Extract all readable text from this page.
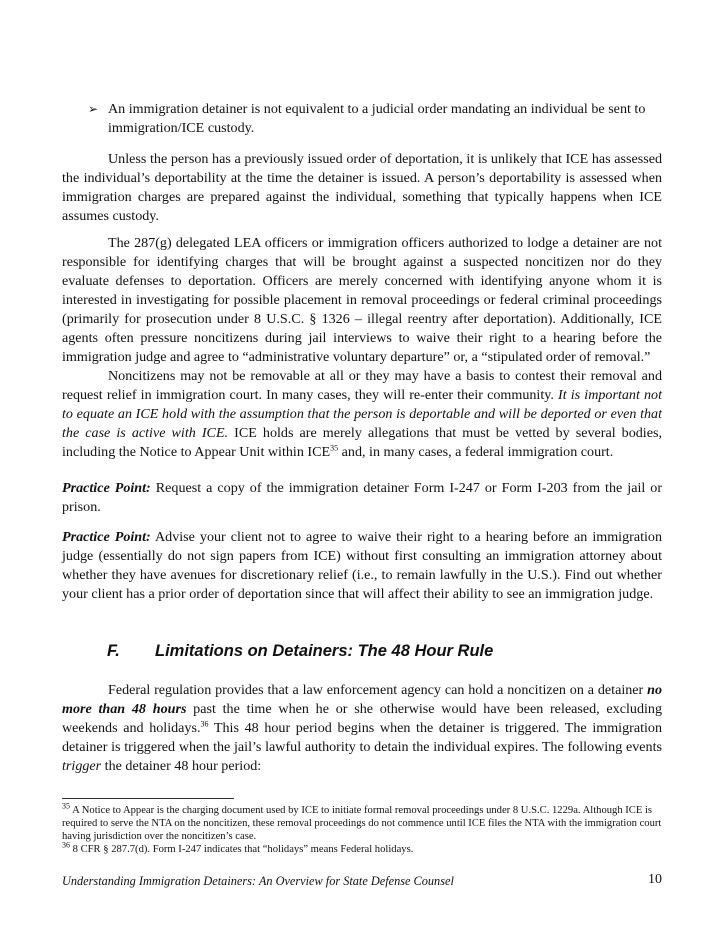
➢ An immigration detainer is not equivalent to a judicial order mandating an individual be sent to
immigration/ICE custody.

Unless the person has a previously issued order of deportation, it is unlikely that ICE has assessed the individual’s deportability at the time the detainer is issued. A person’s deportability is assessed when immigration charges are prepared against the individual, something that typically happens when ICE assumes custody.

The 287(g) delegated LEA officers or immigration officers authorized to lodge a detainer are not responsible for identifying charges that will be brought against a suspected noncitizen nor do they evaluate defenses to deportation. Officers are merely concerned with identifying anyone whom it is interested in investigating for possible placement in removal proceedings or federal criminal proceedings (primarily for prosecution under 8 U.S.C. § 1326 – illegal reentry after deportation). Additionally, ICE agents often pressure noncitizens during jail interviews to waive their right to a hearing before the immigration judge and agree to “administrative voluntary departure” or, a “stipulated order of removal.”

Noncitizens may not be removable at all or they may have a basis to contest their removal and request relief in immigration court. In many cases, they will re-enter their community. It is important not to equate an ICE hold with the assumption that the person is deportable and will be deported or even that the case is active with ICE. ICE holds are merely allegations that must be vetted by several bodies, including the Notice to Appear Unit within ICE$^{35}$ and, in many cases, a federal immigration court.

Practice Point: Request a copy of the immigration detainer Form I-247 or Form I-203 from the jail or prison.

Practice Point: Advise your client not to agree to waive their right to a hearing before an immigration judge (essentially do not sign papers from ICE) without first consulting an immigration attorney about whether they have avenues for discretionary relief (i.e., to remain lawfully in the U.S.). Find out whether your client has a prior order of deportation since that will affect their ability to see an immigration judge.

F. Limitations on Detainers: The 48 Hour Rule

Federal regulation provides that a law enforcement agency can hold a noncitizen on a detainer no more than 48 hours past the time when he or she otherwise would have been released, excluding weekends and holidays.$^{36}$ This 48 hour period begins when the detainer is triggered. The immigration detainer is triggered when the jail’s lawful authority to detain the individual expires. The following events trigger the detainer 48 hour period:

$^{35}$ A Notice to Appear is the charging document used by ICE to initiate formal removal proceedings under 8 U.S.C. 1229a. Although ICE is required to serve the NTA on the noncitizen, these removal proceedings do not commence until ICE files the NTA with the immigration court having jurisdiction over the noncitizen’s case.

$^{36}$ 8 CFR § 287.7(d). Form I-247 indicates that “holidays” means Federal holidays.

Understanding Immigration Detainers: An Overview for State Defense Counsel	10
